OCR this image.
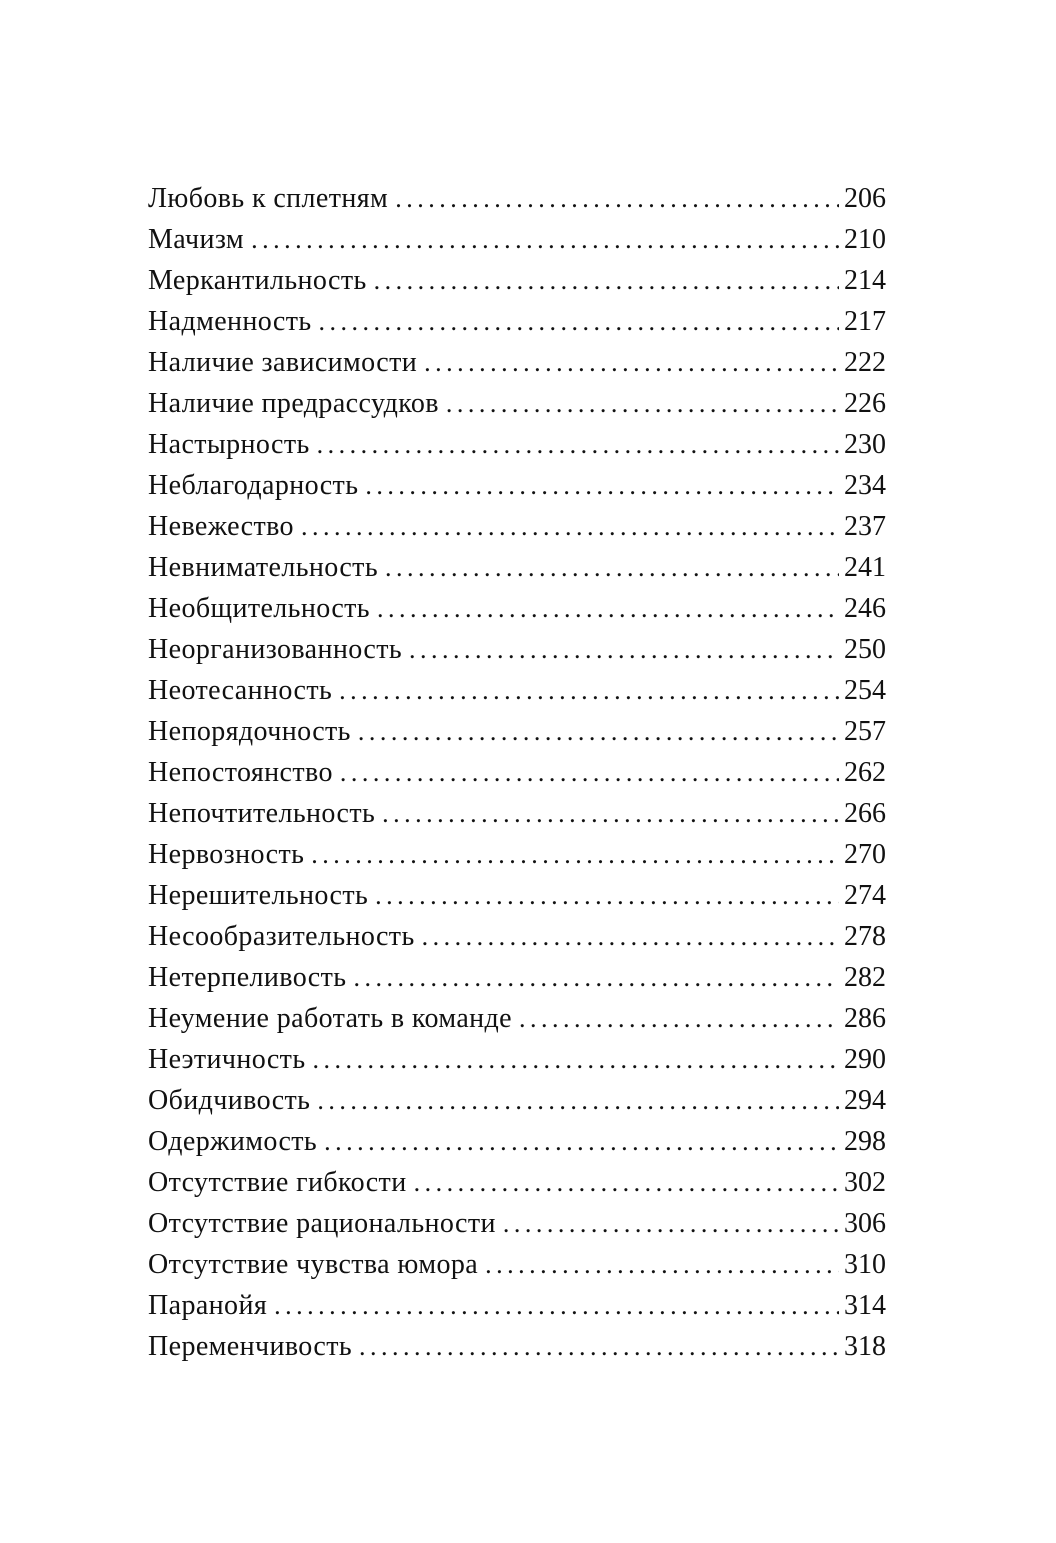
Любовь к сплетням .....	206
Мачизм .....	210
Меркантильность .....	214
Надменность .....	217
Наличие зависимости .....	222
Наличие предрассудков .....	226
Настырность .....	230
Неблагодарность .....	234
Невежество .....	237
Невнимательность .....	241
Необщительность .....	246
Неорганизованность .....	250
Неотесанность .....	254
Непорядочность .....	257
Непостоянство .....	262
Непочтительность .....	266
Нервозность .....	270
Нерешительность .....	274
Несообразительность .....	278
Нетерпеливость .....	282
Неумение работать в команде .....	286
Неэтичность .....	290
Обидчивость .....	294
Одержимость .....	298
Отсутствие гибкости .....	302
Отсутствие рациональности .....	306
Отсутствие чувства юмора .....	310
Паранойя .....	314
Переменчивость .....	318
